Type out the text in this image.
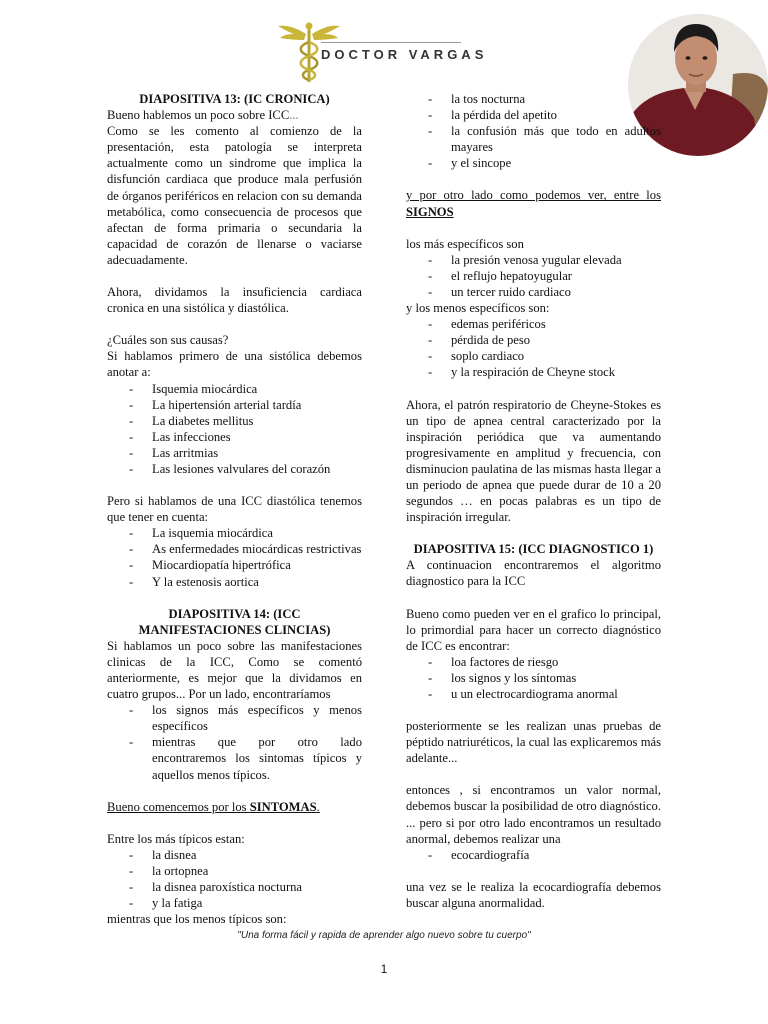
DOCTOR VARGAS
DIAPOSITIVA 13: (IC CRONICA)

Bueno hablemos un poco sobre ICC...

Como se les comento al comienzo de la presentación, esta patología se interpreta actualmente como un sindrome que implica la disfunción cardiaca que produce mala perfusión de órganos periféricos en relacion con su demanda metabólica, como consecuencia de procesos que afectan de forma primaria o secundaria la capacidad de corazón de llenarse o vaciarse adecuadamente.

Ahora, dividamos la insuficiencia cardiaca cronica en una sistólica y diastólica.

¿Cuáles son sus causas?

Si hablamos primero de una sistólica debemos anotar a:

- Isquemia miocárdica
- La hipertensión arterial tardía
- La diabetes mellitus
- Las infecciones
- Las arritmias
- Las lesiones valvulares del corazón

Pero si hablamos de una ICC diastólica tenemos que tener en cuenta:

- La isquemia miocárdica
- As enfermedades miocárdicas restrictivas
- Miocardiopatía hipertrófica
- Y la estenosis aortica
DIAPOSITIVA 14: (ICC
MANIFESTACIONES CLINCIAS)

Si hablamos un poco sobre las manifestaciones clinicas de la ICC, Como se comentó anteriormente, es mejor que la dividamos en cuatro grupos... Por un lado, encontraríamos

- los signos más específicos y menos específicos
- mientras que por otro lado encontraremos los sintomas típicos y aquellos menos típicos.

Bueno comencemos por los SINTOMAS.

Entre los más típicos estan:

- la disnea
- la ortopnea
- la disnea paroxística nocturna
- y la fatiga

mientras que los menos típicos son:

- la tos nocturna
- la pérdida del apetito
- la confusión más que todo en adultos mayares
- y el sincope

y por otro lado como podemos ver, entre los SIGNOS

los más específicos son

- la presión venosa yugular elevada
- el reflujo hepatoyugular
- un tercer ruido cardiaco

y los menos específicos son:

- edemas periféricos
- pérdida de peso
- soplo cardiaco
- y la respiración de Cheyne stock

Ahora, el patrón respiratorio de Cheyne-Stokes es un tipo de apnea central caracterizado por la inspiración periódica que va aumentando progresivamente en amplitud y frecuencia, con disminucion paulatina de las mismas hasta llegar a un periodo de apnea que puede durar de 10 a 20 segundos … en pocas palabras es un tipo de inspiración irregular.

DIAPOSITIVA 15: (ICC DIAGNOSTICO 1)

A continuacion encontraremos el algoritmo diagnostico para la ICC

Bueno como pueden ver en el grafico lo principal, lo primordial para hacer un correcto diagnóstico de ICC es encontrar:

- loa factores de riesgo
- los signos y los síntomas
- u un electrocardiograma anormal

posteriormente se les realizan unas pruebas de péptido natriuréticos, la cual las explicaremos más adelante...

entonces , si encontramos un valor normal, debemos buscar la posibilidad de otro diagnóstico. ... pero si por otro lado encontramos un resultado anormal, debemos realizar una

- ecocardiografía

una vez se le realiza la ecocardiografía debemos buscar alguna anormalidad.

"Una forma fácil y rapida de aprender algo nuevo sobre tu cuerpo"
1
